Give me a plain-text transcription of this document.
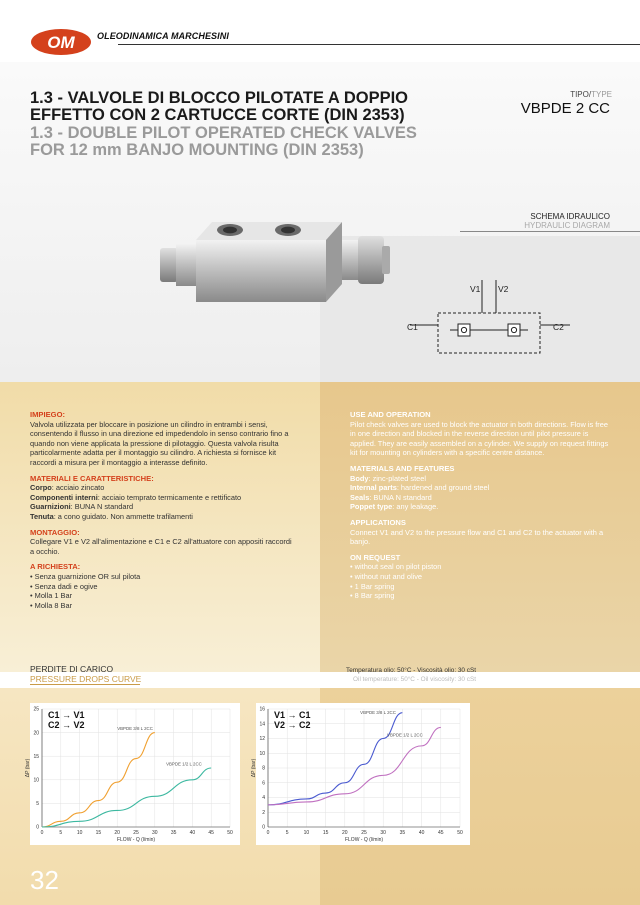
OM OLEODINAMICA MARCHESINI
1.3 - VALVOLE DI BLOCCO PILOTATE A DOPPIO
EFFETTO CON 2 CARTUCCE CORTE (DIN 2353)
1.3 - DOUBLE PILOT OPERATED CHECK VALVES
FOR 12 mm BANJO MOUNTING (DIN 2353)
TIPO/TYPE
VBPDE 2 CC
SCHEMA IDRAULICO
HYDRAULIC DIAGRAM
V1 V2
C1	C2
IMPIEGO:

Valvola utilizzata per bloccare in posizione un cilindro in entrambi i sensi, consentendo il flusso in una direzione ed impedendolo in senso contrario fino a quando non viene applicata la pressione di pilotaggio. Questa valvola risulta particolarmente adatta per il montaggio su cilindro. A richiesta si fornisce kit raccordi a misura per il montaggio a interasse definito.

MATERIALI E CARATTERISTICHE:

Corpo: acciaio zincato
Componenti interni: acciaio temprato termicamente e rettificato
Guarnizioni: BUNA N standard
Tenuta: a cono guidato. Non ammette trafilamenti

MONTAGGIO:

Collegare V1 e V2 all'alimentazione e C1 e C2 all'attuatore con appositi raccordi a occhio.

A RICHIESTA:
• Senza guarnizione OR sul pilota
• Senza dadi e ogive
• Molla 1 Bar
• Molla 8 Bar
USE AND OPERATION

Pilot check valves are used to block the actuator in both directions. Flow is free in one direction and blocked in the reverse direction until pilot pressure is applied. They are easily assembled on a cylinder. We supply on request fittings kit for mounting on cylinders with a specific centre distance.

MATERIALS AND FEATURES

Body: zinc-plated steel
Internal parts: hardened and ground steel
Seals: BUNA N standard
Poppet type: any leakage.

APPLICATIONS

Connect V1 and V2 to the pressure flow and C1 and C2 to the actuator with a banjo.

ON REQUEST
• without seal on pilot piston
• without nut and olive
• 1 Bar spring
• 8 Bar spring
PERDITE DI CARICO
PRESSURE DROPS CURVE
Temperatura olio: 50°C - Viscosità olio: 30 cSt
Oil temperature: 50°C - Oil viscosity: 30 cSt
0	5	10	15	20	25	30	35	40	45	50
0
5
10
15
20
25
FLOW - Q (l/min)
ΔP (bar)
C1 → V1
C2 → V2	VBPDE 3/8 L 2CC
VBPDE 1/2 L 2CC
0	5	10	15	20	25	30	35	40	45	50
0
2
4
6
8
10
12
14
16
FLOW - Q (l/min)
ΔP (bar)
V1 → C1
V2 → C2
VBPDE 3/8 L 2CC
VBPDE 1/2 L 2CC
32
